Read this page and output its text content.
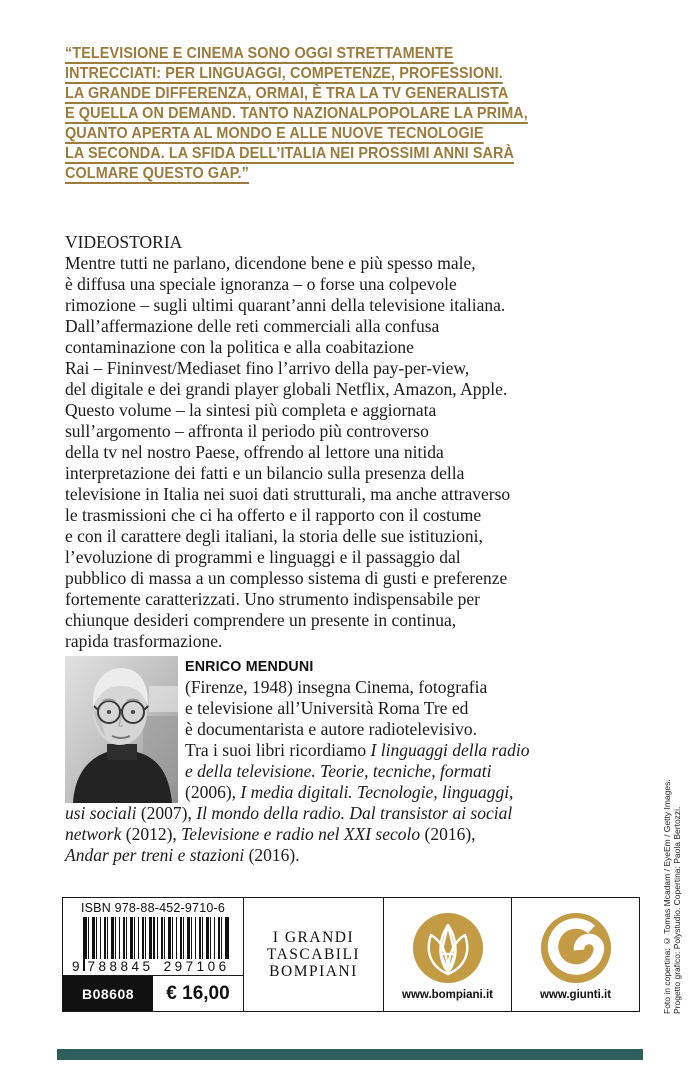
“TELEVISIONE E CINEMA SONO OGGI STRETTAMENTE
INTRECCIATI: PER LINGUAGGI, COMPETENZE, PROFESSIONI.
LA GRANDE DIFFERENZA, ORMAI, È TRA LA TV GENERALISTA
E QUELLA ON DEMAND. TANTO NAZIONALPOPOLARE LA PRIMA,
QUANTO APERTA AL MONDO E ALLE NUOVE TECNOLOGIE
LA SECONDA. LA SFIDA DELL’ITALIA NEI PROSSIMI ANNI SARÀ
COLMARE QUESTO GAP.”
VIDEOSTORIA
Mentre tutti ne parlano, dicendone bene e più spesso male,
è diffusa una speciale ignoranza – o forse una colpevole
rimozione – sugli ultimi quarant’anni della televisione italiana.
Dall’affermazione delle reti commerciali alla confusa
contaminazione con la politica e alla coabitazione
Rai – Fininvest/Mediaset fino l’arrivo della pay-per-view,
del digitale e dei grandi player globali Netflix, Amazon, Apple.
Questo volume – la sintesi più completa e aggiornata
sull’argomento – affronta il periodo più controverso
della tv nel nostro Paese, offrendo al lettore una nitida
interpretazione dei fatti e un bilancio sulla presenza della
televisione in Italia nei suoi dati strutturali, ma anche attraverso
le trasmissioni che ci ha offerto e il rapporto con il costume
e con il carattere degli italiani, la storia delle sue istituzioni,
l’evoluzione di programmi e linguaggi e il passaggio dal
pubblico di massa a un complesso sistema di gusti e preferenze
fortemente caratterizzati. Uno strumento indispensabile per
chiunque desideri comprendere un presente in continua,
rapida trasformazione.
ENRICO MENDUNI
(Firenze, 1948) insegna Cinema, fotografia
e televisione all’Università Roma Tre ed
è documentarista e autore radiotelevisivo.
Tra i suoi libri ricordiamo I linguaggi della radio
e della televisione. Teorie, tecniche, formati
(2006), I media digitali. Tecnologie, linguaggi,
usi sociali (2007), Il mondo della radio. Dal transistor ai social
network (2012), Televisione e radio nel XXI secolo (2016),
Andar per treni e stazioni (2016).
ISBN 978-88-452-9710-6
9 788845 297106
B08608	€ 16,00
I GRANDI
TASCABILI
BOMPIANI
www.bompiani.it	www.giunti.it	Foto in copertina: © Tomas Mcadam / EyeEm / Getty Images. Progetto grafico: Polystudio. Copertina: Paola Bertozzi.
